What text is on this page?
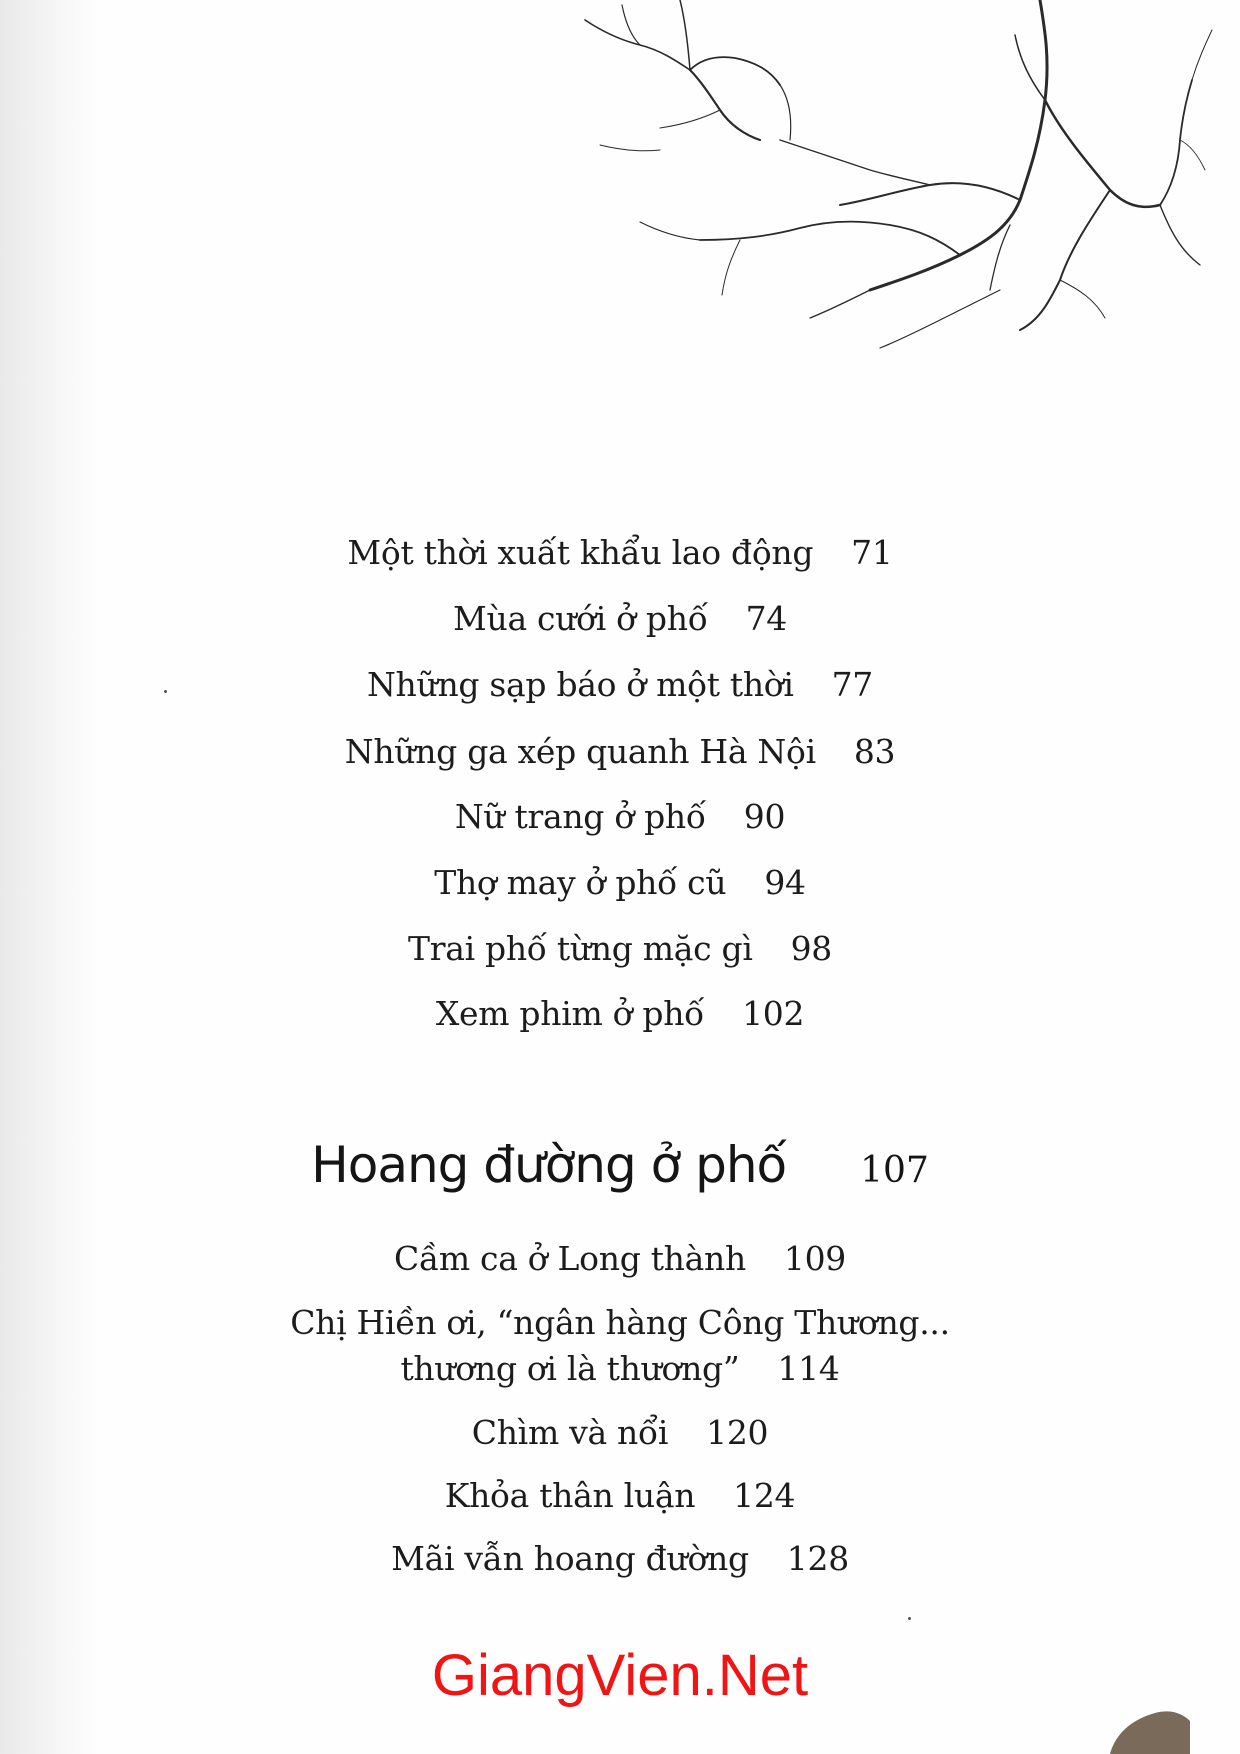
Một thời xuất khẩu lao động 71
Mùa cưới ở phố 74
Những sạp báo ở một thời 77
Những ga xép quanh Hà Nội 83
Nữ trang ở phố 90
Thợ may ở phố cũ 94
Trai phố từng mặc gì 98
Xem phim ở phố 102
Hoang đường ở phố 107
Cầm ca ở Long thành 109
Chị Hiền ơi, “ngân hàng Công Thương...
thương ơi là thương” 114
Chìm và nổi 120
Khỏa thân luận 124
Mãi vẫn hoang đường 128
GiangVien.Net
